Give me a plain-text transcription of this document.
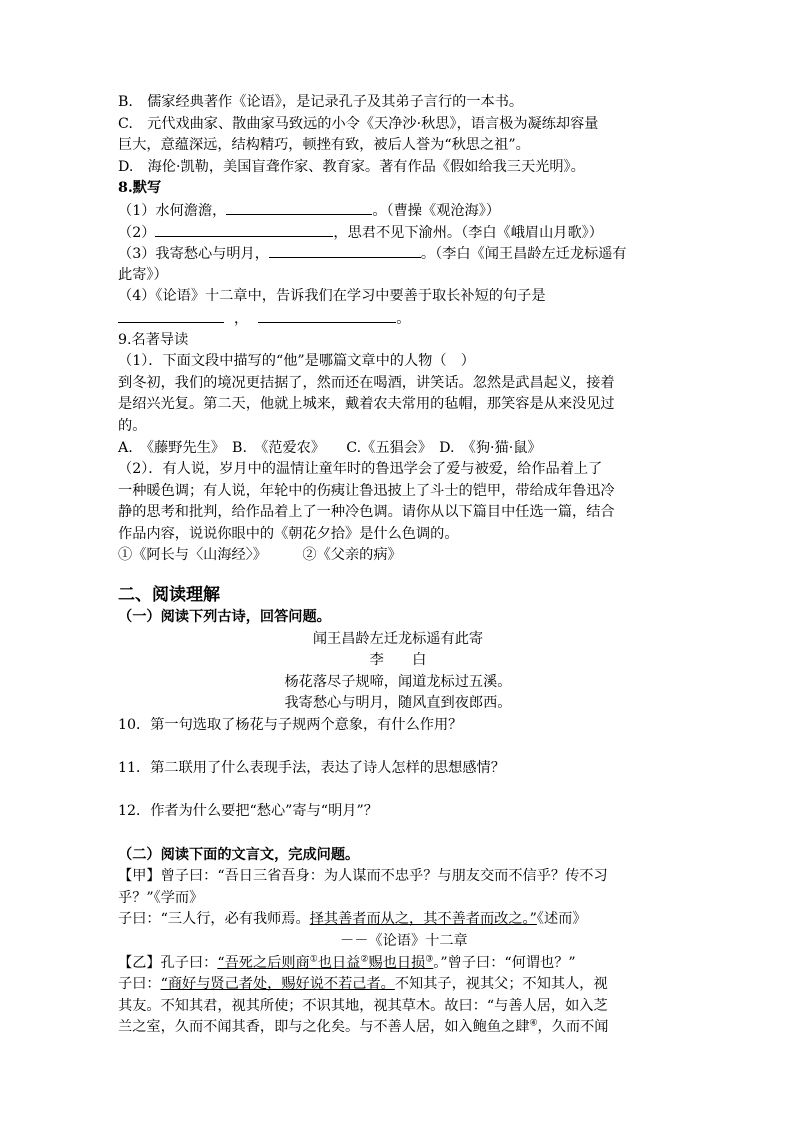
B.　儒家经典著作《论语》，是记录孔子及其弟子言行的一本书。
C.　元代戏曲家、散曲家马致远的小令《天净沙·秋思》，语言极为凝练却容量
巨大，意蕴深远，结构精巧，顿挫有致，被后人誉为“秋思之祖”。
D.　海伦·凯勒，美国盲聋作家、教育家。著有作品《假如给我三天光明》。
8.默写
（1）水何澹澹，	。（曹操《观沧海》）
（2）	，思君不见下渝州。（李白《峨眉山月歌》）
（3）我寄愁心与明月，	。（李白《闻王昌龄左迁龙标遥有
此寄》）
（4）《论语》十二章中，告诉我们在学习中要善于取长补短的句子是
，	。
9.名著导读
（1）．下面文段中描写的“他”是哪篇文章中的人物（　）
到冬初，我们的境况更拮据了，然而还在喝酒，讲笑话。忽然是武昌起义，接着
是绍兴光复。第二天，他就上城来，戴着农夫常用的毡帽，那笑容是从来没见过
的。
A.　《藤野先生》　B.　《范爱农》　　C.《五猖会》　D.　《狗·猫·鼠》
（2）．有人说，岁月中的温情让童年时的鲁迅学会了爱与被爱，给作品着上了
一种暖色调；有人说，年轮中的伤痍让鲁迅披上了斗士的铠甲，带给成年鲁迅冷
静的思考和批判，给作品着上了一种冷色调。请你从以下篇目中任选一篇，结合
作品内容，说说你眼中的《朝花夕拾》是什么色调的。
①《阿长与〈山海经〉》　　　②《父亲的病》
二、阅读理解
（一）阅读下列古诗，回答问题。
闻王昌龄左迁龙标遥有此寄
李　　白
杨花落尽子规啼，闻道龙标过五溪。
我寄愁心与明月，随风直到夜郎西。
10．第一句选取了杨花与子规两个意象，有什么作用？
11．第二联用了什么表现手法，表达了诗人怎样的思想感情？
12．作者为什么要把“愁心”寄与“明月”？
（二）阅读下面的文言文，完成问题。
【甲】曾子曰：“吾日三省吾身：为人谋而不忠乎？与朋友交而不信乎？传不习
乎？”《学而》
子曰：“三人行，必有我师焉。择其善者而从之，其不善者而改之。”《述而》
－－《论语》十二章
【乙】孔子曰：“吾死之后则商①也日益②赐也日损③。”曾子曰：“何谓也？”
子曰：“商好与贤己者处，赐好说不若己者。不知其子，视其父；不知其人，视
其友。不知其君，视其所使；不识其地，视其草木。故曰：“与善人居，如入芝
兰之室，久而不闻其香，即与之化矣。与不善人居，如入鲍鱼之肆④，久而不闻
